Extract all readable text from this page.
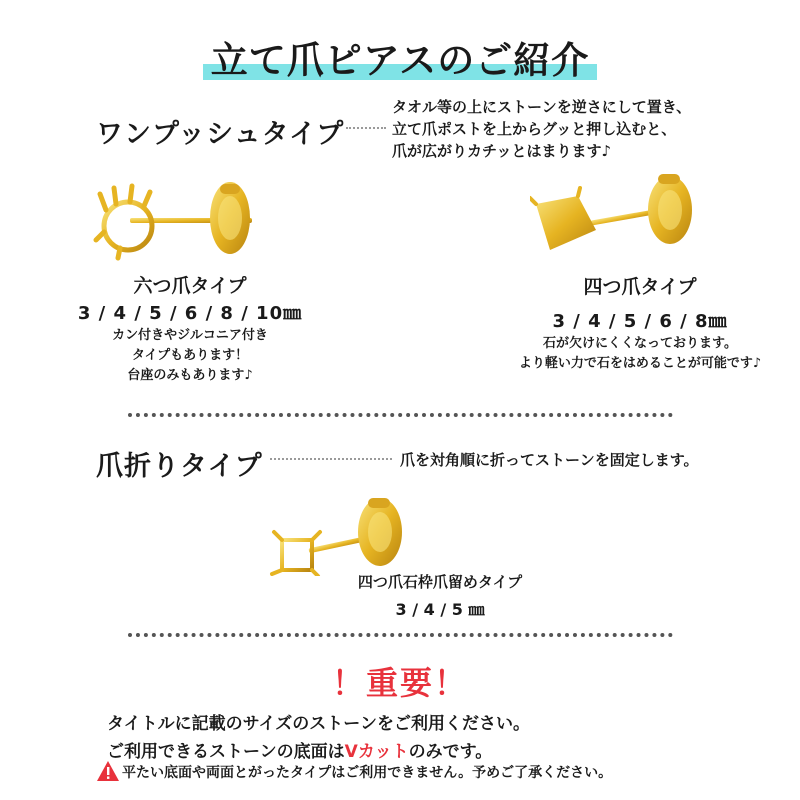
立て爪ピアスのご紹介
ワンプッシュタイプ
タオル等の上にストーンを逆さにして置き、
立て爪ポストを上からグッと押し込むと、
爪が広がりカチッとはまります♪
六つ爪タイプ
3 / 4 / 5 / 6 / 8 / 10㎜
カン付きやジルコニア付き
タイプもあります！
台座のみもあります♪
四つ爪タイプ
3 / 4 / 5 / 6 / 8㎜
石が欠けにくくなっております。
より軽い力で石をはめることが可能です♪
爪折りタイプ	爪を対角順に折ってストーンを固定します。
四つ爪石枠爪留めタイプ
3 / 4 / 5 ㎜
！重要！
タイトルに記載のサイズのストーンをご利用ください。
ご利用できるストーンの底面はVカットのみです。
平たい底面や両面とがったタイプはご利用できません。予めご了承ください。
